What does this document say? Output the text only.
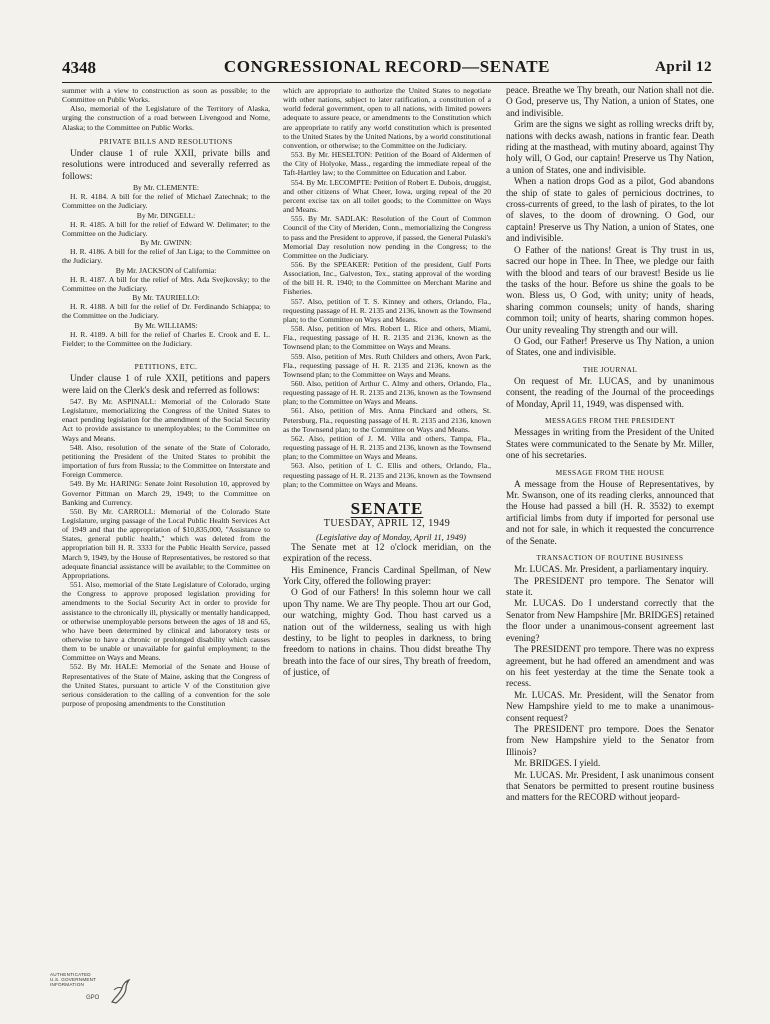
4348	CONGRESSIONAL RECORD—SENATE	April 12

summer with a view to construction as soon as possible; to the Committee on Public Works.

Also, memorial of the Legislature of the Territory of Alaska, urging the construction of a road between Livengood and Nome, Alaska; to the Committee on Public Works.

PRIVATE BILLS AND RESOLUTIONS

Under clause 1 of rule XXII, private bills and resolutions were introduced and severally referred as follows:

By Mr. CLEMENTE:

H. R. 4184. A bill for the relief of Michael Zatechnak; to the Committee on the Judiciary.

By Mr. DINGELL:

H. R. 4185. A bill for the relief of Edward W. Delimater; to the Committee on the Judiciary.

By Mr. GWINN:

H. R. 4186. A bill for the relief of Jan Liga; to the Committee on the Judiciary.

By Mr. JACKSON of California:

H. R. 4187. A bill for the relief of Mrs. Ada Svejkovsky; to the Committee on the Judiciary.

By Mr. TAURIELLO:

H. R. 4188. A bill for the relief of Dr. Ferdinando Schiappa; to the Committee on the Judiciary.

By Mr. WILLIAMS:

H. R. 4189. A bill for the relief of Charles E. Crook and E. L. Fielder; to the Committee on the Judiciary.

PETITIONS, ETC.

Under clause 1 of rule XXII, petitions and papers were laid on the Clerk's desk and referred as follows:

547. By Mr. ASPINALL: Memorial of the Colorado State Legislature, memorializing the Congress of the United States to enact pending legislation for the amendment of the Social Security Act to provide assistance to unemployables; to the Committee on Ways and Means.

548. Also, resolution of the senate of the State of Colorado, petitioning the President of the United States to prohibit the importation of furs from Russia; to the Committee on Interstate and Foreign Commerce.

549. By Mr. HARING: Senate Joint Resolution 10, approved by Governor Pittman on March 29, 1949; to the Committee on Banking and Currency.

550. By Mr. CARROLL: Memorial of the Colorado State Legislature, urging passage of the Local Public Health Services Act of 1949 and that the appropriation of $10,835,000, "Assistance to States, general public health," which was deleted from the appropriation bill H. R. 3333 for the Public Health Service, passed March 9, 1949, by the House of Representatives, be restored so that adequate financial assistance will be available; to the Committee on Appropriations.

551. Also, memorial of the State Legislature of Colorado, urging the Congress to approve proposed legislation providing for amendments to the Social Security Act in order to provide for assistance to the chronically ill, physically or mentally handicapped, or otherwise unemployable persons between the ages of 18 and 65, who have been determined by clinical and laboratory tests or otherwise to have a chronic or prolonged disability which causes them to be unable or unavailable for gainful employment; to the Committee on Ways and Means.

552. By Mr. HALE: Memorial of the Senate and House of Representatives of the State of Maine, asking that the Congress of the United States, pursuant to article V of the Constitution give serious consideration to the calling of a convention for the sole purpose of proposing amendments to the Constitution

which are appropriate to authorize the United States to negotiate with other nations, subject to later ratification, a constitution of a world federal government, open to all nations, with limited powers adequate to assure peace, or amendments to the Constitution which are appropriate to ratify any world constitution which is presented to the United States by the United Nations, by a world constitutional convention, or otherwise; to the Committee on the Judiciary.

553. By Mr. HESELTON: Petition of the Board of Aldermen of the City of Holyoke, Mass., regarding the immediate repeal of the Taft-Hartley law; to the Committee on Education and Labor.

554. By Mr. LECOMPTE: Petition of Robert E. Dubois, druggist, and other citizens of What Cheer, Iowa, urging repeal of the 20 percent excise tax on all toilet goods; to the Committee on Ways and Means.

555. By Mr. SADLAK: Resolution of the Court of Common Council of the City of Meriden, Conn., memorializing the Congress to pass and the President to approve, if passed, the General Pulaski's Memorial Day resolution now pending in the Congress; to the Committee on the Judiciary.

556. By the SPEAKER: Petition of the president, Gulf Ports Association, Inc., Galveston, Tex., stating approval of the wording of the bill H. R. 1940; to the Committee on Merchant Marine and Fisheries.

557. Also, petition of T. S. Kinney and others, Orlando, Fla., requesting passage of H. R. 2135 and 2136, known as the Townsend plan; to the Committee on Ways and Means.

558. Also, petition of Mrs. Robert L. Rice and others, Miami, Fla., requesting passage of H. R. 2135 and 2136, known as the Townsend plan; to the Committee on Ways and Means.

559. Also, petition of Mrs. Ruth Childers and others, Avon Park, Fla., requesting passage of H. R. 2135 and 2136, known as the Townsend plan; to the Committee on Ways and Means.

560. Also, petition of Arthur C. Almy and others, Orlando, Fla., requesting passage of H. R. 2135 and 2136, known as the Townsend plan; to the Committee on Ways and Means.

561. Also, petition of Mrs. Anna Pinckard and others, St. Petersburg, Fla., requesting passage of H. R. 2135 and 2136, known as the Townsend plan; to the Committee on Ways and Means.

562. Also, petition of J. M. Villa and others, Tampa, Fla., requesting passage of H. R. 2135 and 2136, known as the Townsend plan; to the Committee on Ways and Means.

563. Also, petition of I. C. Ellis and others, Orlando, Fla., requesting passage of H. R. 2135 and 2136, known as the Townsend plan; to the Committee on Ways and Means.

SENATE
TUESDAY, APRIL 12, 1949

(Legislative day of Monday, April 11, 1949)

The Senate met at 12 o'clock meridian, on the expiration of the recess.

His Eminence, Francis Cardinal Spellman, of New York City, offered the following prayer:

O God of our Fathers! In this solemn hour we call upon Thy name. We are Thy people. Thou art our God, our watching, mighty God. Thou hast carved us a nation out of the wilderness, sealing us with high destiny, to be light to peoples in darkness, to bring freedom to nations in chains. Thou didst breathe Thy breath into the face of our sires, Thy breath of freedom, of justice, of

peace. Breathe we Thy breath, our Nation shall not die. O God, preserve us, Thy Nation, a union of States, one and indivisible.

Grim are the signs we sight as rolling wrecks drift by, nations with decks awash, nations in frantic fear. Death riding at the masthead, with mutiny aboard, against Thy holy will, O God, our captain! Preserve us Thy Nation, a union of States, one and indivisible.

When a nation drops God as a pilot, God abandons the ship of state to gales of pernicious doctrines, to cross-currents of greed, to the lash of pirates, to the lot of slaves, to the doom of drowning. O God, our captain! Preserve us Thy Nation, a union of States, one and indivisible.

O Father of the nations! Great is Thy trust in us, sacred our hope in Thee. In Thee, we pledge our faith with the blood and tears of our bravest! Beside us lie the tasks of the hour. Before us shine the goals to be won. Bless us, O God, with unity; unity of heads, sharing common counsels; unity of hands, sharing common toil; unity of hearts, sharing common hopes. Our unity revealing Thy strength and our will.

O God, our Father! Preserve us Thy Nation, a union of States, one and indivisible.

THE JOURNAL

On request of Mr. LUCAS, and by unanimous consent, the reading of the Journal of the proceedings of Monday, April 11, 1949, was dispensed with.

MESSAGES FROM THE PRESIDENT

Messages in writing from the President of the United States were communicated to the Senate by Mr. Miller, one of his secretaries.

MESSAGE FROM THE HOUSE

A message from the House of Representatives, by Mr. Swanson, one of its reading clerks, announced that the House had passed a bill (H. R. 3532) to exempt artificial limbs from duty if imported for personal use and not for sale, in which it requested the concurrence of the Senate.

TRANSACTION OF ROUTINE BUSINESS

Mr. LUCAS. Mr. President, a parliamentary inquiry.

The PRESIDENT pro tempore. The Senator will state it.

Mr. LUCAS. Do I understand correctly that the Senator from New Hampshire [Mr. BRIDGES] retained the floor under a unanimous-consent agreement last evening?

The PRESIDENT pro tempore. There was no express agreement, but he had offered an amendment and was on his feet yesterday at the time the Senate took a recess.

Mr. LUCAS. Mr. President, will the Senator from New Hampshire yield to me to make a unanimous-consent request?

The PRESIDENT pro tempore. Does the Senator from New Hampshire yield to the Senator from Illinois?

Mr. BRIDGES. I yield.

Mr. LUCAS. Mr. President, I ask unanimous consent that Senators be permitted to present routine business and matters for the RECORD without jeopard-

AUTHENTICATED
U.S. GOVERNMENT
INFORMATION
GPO
